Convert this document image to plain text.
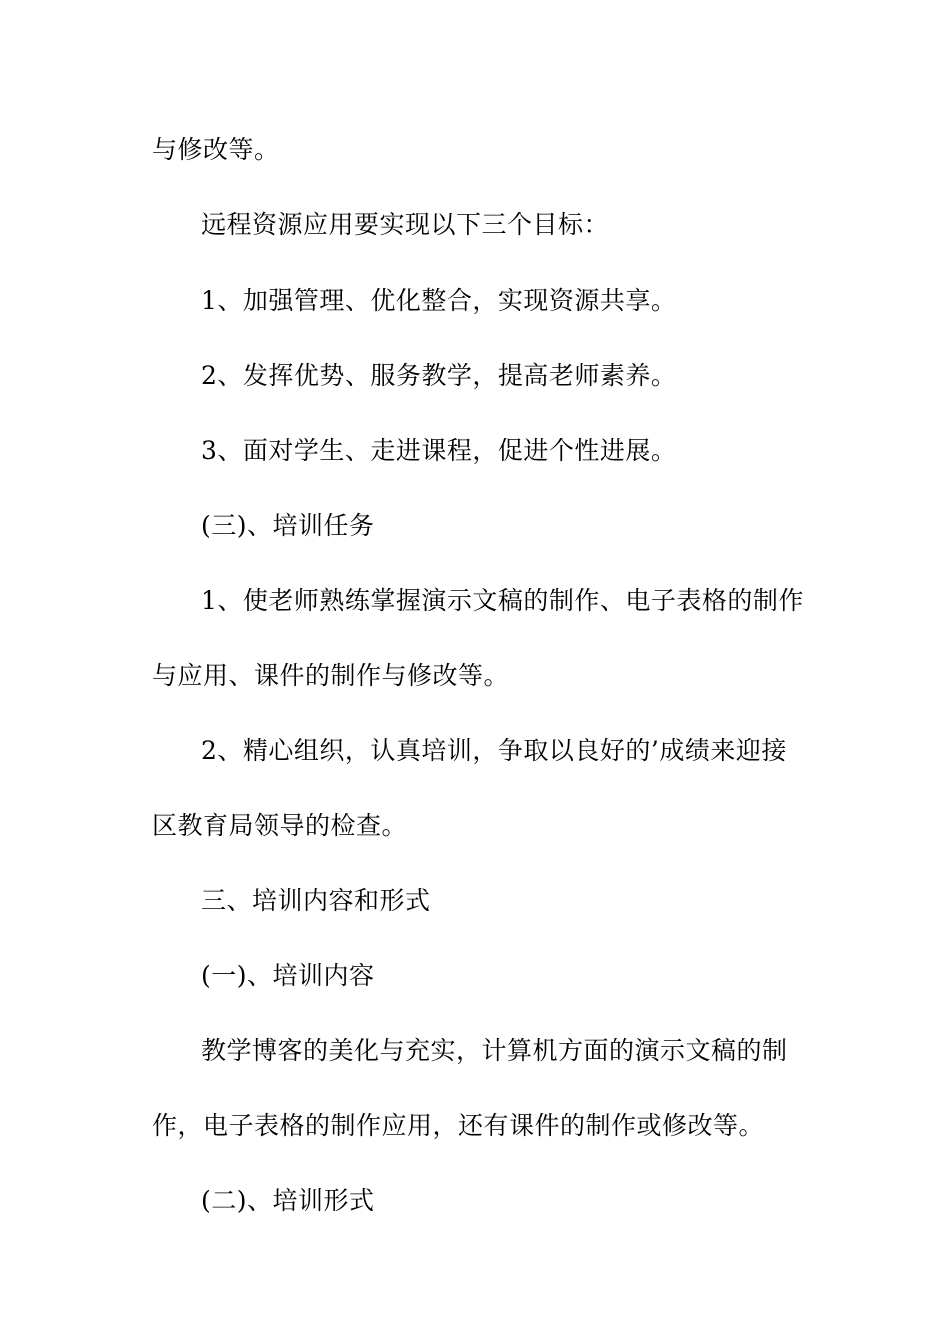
与修改等。
远程资源应用要实现以下三个目标：
1、加强管理、优化整合，实现资源共享。
2、发挥优势、服务教学，提高老师素养。
3、面对学生、走进课程，促进个性进展。
(三)、培训任务
1、使老师熟练掌握演示文稿的制作、电子表格的制作
与应用、课件的制作与修改等。
2、精心组织，认真培训，争取以良好的’成绩来迎接
区教育局领导的检查。
三、培训内容和形式
(一)、培训内容
教学博客的美化与充实，计算机方面的演示文稿的制
作，电子表格的制作应用，还有课件的制作或修改等。
(二)、培训形式
